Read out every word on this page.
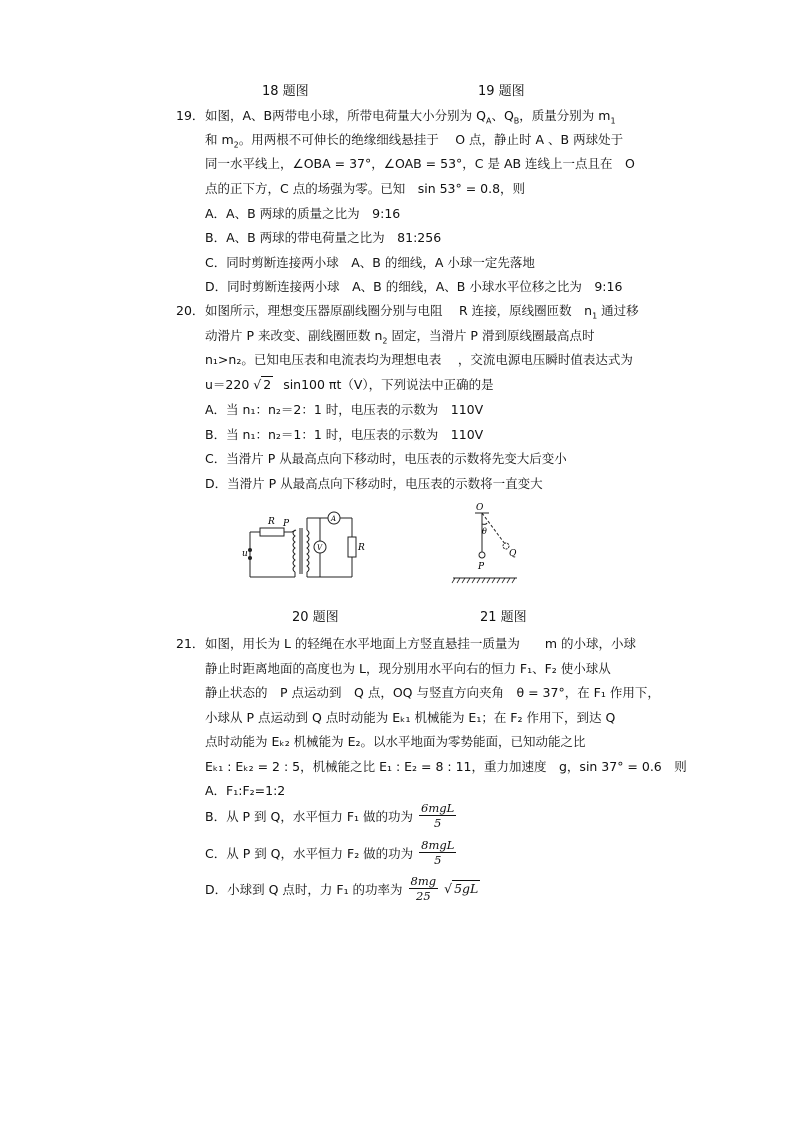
18 题图	19 题图
19． 如图，A、B两带电小球，所带电荷量大小分别为 $Q_A$、$Q_B$，质量分别为 $m_1$
和 $m_2$。用两根不可伸长的绝缘细线悬挂于　 O 点，静止时 A 、B 两球处于
同一水平线上，∠OBA = 37°，∠OAB = 53°，C 是 AB 连线上一点且在　O
点的正下方，C 点的场强为零。已知　sin 53° = 0.8，则
A．A、B 两球的质量之比为　9:16
B．A、B 两球的带电荷量之比为　81:256
C．同时剪断连接两小球　A、B 的细线，A 小球一定先落地
D．同时剪断连接两小球　A、B 的细线，A、B 小球水平位移之比为　9:16
20． 如图所示，理想变压器原副线圈分别与电阻　 R 连接，原线圈匝数　$n_1$ 通过移
动滑片 P 来改变、副线圈匝数 $n_2$ 固定，当滑片 P 滑到原线圈最高点时
n₁>n₂。已知电压表和电流表均为理想电表　 ，交流电源电压瞬时值表达式为
u＝220 √ 2 sin100 πt（V），下列说法中正确的是
A．当 n₁：n₂＝2：1 时，电压表的示数为　110V
B．当 n₁：n₂＝1：1 时，电压表的示数为　110V
C．当滑片 P 从最高点向下移动时，电压表的示数将先变大后变小
D．当滑片 P 从最高点向下移动时，电压表的示数将一直变大
R P	A
V	R
u
O
θ
P
Q
20 题图	21 题图
21． 如图，用长为 L 的轻绳在水平地面上方竖直悬挂一质量为　　m 的小球，小球
静止时距离地面的高度也为 L，现分别用水平向右的恒力 F₁、F₂ 使小球从
静止状态的　P 点运动到　Q 点，OQ 与竖直方向夹角　θ = 37°，在 F₁ 作用下，
小球从 P 点运动到 Q 点时动能为 Eₖ₁ 机械能为 E₁；在 F₂ 作用下，到达 Q
点时动能为 Eₖ₂ 机械能为 E₂。以水平地面为零势能面，已知动能之比
Eₖ₁ : Eₖ₂ = 2 : 5，机械能之比 E₁ : E₂ = 8 : 11，重力加速度　g，sin 37° = 0.6　则
A．F₁:F₂=1:2
B．从 P 到 Q，水平恒力 F₁ 做的功为 $\frac{\text{6mgL}}{5}$
C．从 P 到 Q，水平恒力 F₂ 做的功为 $\frac{\text{8mgL}}{5}$
D．小球到 Q 点时，力 F₁ 的功率为 $\frac{8mg}{25}$ √ 5gL
